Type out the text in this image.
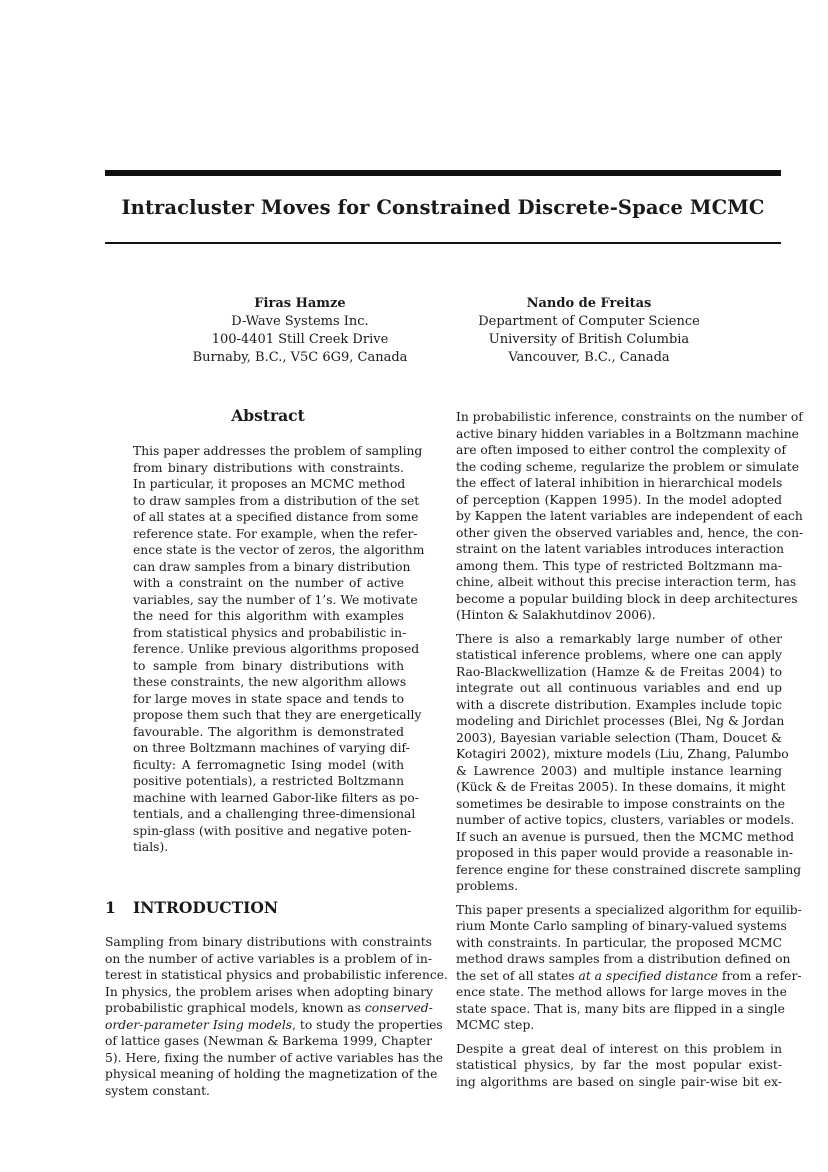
Intracluster Moves for Constrained Discrete-Space MCMC
Firas Hamze
D-Wave Systems Inc.
100-4401 Still Creek Drive
Burnaby, B.C., V5C 6G9, Canada
Nando de Freitas
Department of Computer Science
University of British Columbia
Vancouver, B.C., Canada
Abstract
This paper addresses the problem of sampling
from binary distributions with constraints.
In particular, it proposes an MCMC method
to draw samples from a distribution of the set
of all states at a specified distance from some
reference state. For example, when the refer-
ence state is the vector of zeros, the algorithm
can draw samples from a binary distribution
with a constraint on the number of active
variables, say the number of 1’s. We motivate
the need for this algorithm with examples
from statistical physics and probabilistic in-
ference. Unlike previous algorithms proposed
to sample from binary distributions with
these constraints, the new algorithm allows
for large moves in state space and tends to
propose them such that they are energetically
favourable. The algorithm is demonstrated
on three Boltzmann machines of varying dif-
ficulty: A ferromagnetic Ising model (with
positive potentials), a restricted Boltzmann
machine with learned Gabor-like filters as po-
tentials, and a challenging three-dimensional
spin-glass (with positive and negative poten-
tials).
1 INTRODUCTION
Sampling from binary distributions with constraints
on the number of active variables is a problem of in-
terest in statistical physics and probabilistic inference.
In physics, the problem arises when adopting binary
probabilistic graphical models, known as conserved-
order-parameter Ising models, to study the properties
of lattice gases (Newman & Barkema 1999, Chapter
5). Here, fixing the number of active variables has the
physical meaning of holding the magnetization of the
system constant.
In probabilistic inference, constraints on the number of
active binary hidden variables in a Boltzmann machine
are often imposed to either control the complexity of
the coding scheme, regularize the problem or simulate
the effect of lateral inhibition in hierarchical models
of perception (Kappen 1995). In the model adopted
by Kappen the latent variables are independent of each
other given the observed variables and, hence, the con-
straint on the latent variables introduces interaction
among them. This type of restricted Boltzmann ma-
chine, albeit without this precise interaction term, has
become a popular building block in deep architectures
(Hinton & Salakhutdinov 2006).
There is also a remarkably large number of other
statistical inference problems, where one can apply
Rao-Blackwellization (Hamze & de Freitas 2004) to
integrate out all continuous variables and end up
with a discrete distribution. Examples include topic
modeling and Dirichlet processes (Blei, Ng & Jordan
2003), Bayesian variable selection (Tham, Doucet &
Kotagiri 2002), mixture models (Liu, Zhang, Palumbo
& Lawrence 2003) and multiple instance learning
(Kück & de Freitas 2005). In these domains, it might
sometimes be desirable to impose constraints on the
number of active topics, clusters, variables or models.
If such an avenue is pursued, then the MCMC method
proposed in this paper would provide a reasonable in-
ference engine for these constrained discrete sampling
problems.
This paper presents a specialized algorithm for equilib-
rium Monte Carlo sampling of binary-valued systems
with constraints. In particular, the proposed MCMC
method draws samples from a distribution defined on
the set of all states at a specified distance from a refer-
ence state. The method allows for large moves in the
state space. That is, many bits are flipped in a single
MCMC step.
Despite a great deal of interest on this problem in
statistical physics, by far the most popular exist-
ing algorithms are based on single pair-wise bit ex-
